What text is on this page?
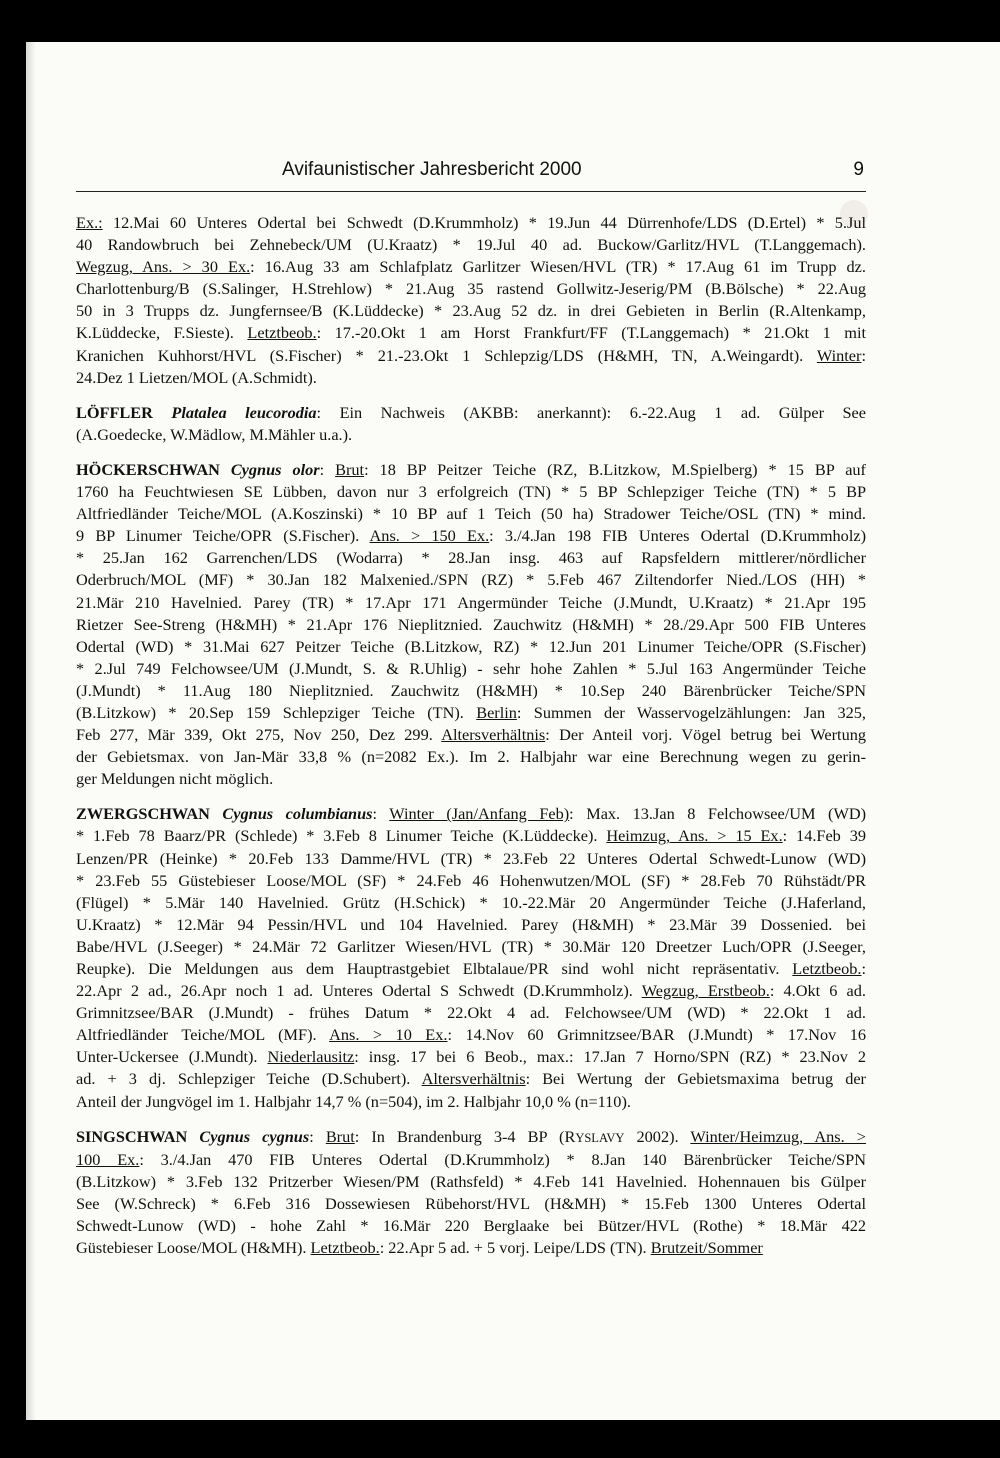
Avifaunistischer Jahresbericht 2000	9
Ex.: 12.Mai 60 Unteres Odertal bei Schwedt (D.Krummholz) * 19.Jun 44 Dürrenhofe/LDS (D.Ertel) * 5.Jul
40 Randowbruch bei Zehnebeck/UM (U.Kraatz) * 19.Jul 40 ad. Buckow/Garlitz/HVL (T.Langgemach).
Wegzug, Ans. > 30 Ex.: 16.Aug 33 am Schlafplatz Garlitzer Wiesen/HVL (TR) * 17.Aug 61 im Trupp dz.
Charlottenburg/B (S.Salinger, H.Strehlow) * 21.Aug 35 rastend Gollwitz-Jeserig/PM (B.Bölsche) * 22.Aug
50 in 3 Trupps dz. Jungfernsee/B (K.Lüddecke) * 23.Aug 52 dz. in drei Gebieten in Berlin (R.Altenkamp,
K.Lüddecke, F.Sieste). Letztbeob.: 17.-20.Okt 1 am Horst Frankfurt/FF (T.Langgemach) * 21.Okt 1 mit
Kranichen Kuhhorst/HVL (S.Fischer) * 21.-23.Okt 1 Schlepzig/LDS (H&MH, TN, A.Weingardt). Winter:
24.Dez 1 Lietzen/MOL (A.Schmidt).
LÖFFLER Platalea leucorodia: Ein Nachweis (AKBB: anerkannt): 6.-22.Aug 1 ad. Gülper See
(A.Goedecke, W.Mädlow, M.Mähler u.a.).
HÖCKERSCHWAN Cygnus olor: Brut: 18 BP Peitzer Teiche (RZ, B.Litzkow, M.Spielberg) * 15 BP auf
1760 ha Feuchtwiesen SE Lübben, davon nur 3 erfolgreich (TN) * 5 BP Schlepziger Teiche (TN) * 5 BP
Altfriedländer Teiche/MOL (A.Koszinski) * 10 BP auf 1 Teich (50 ha) Stradower Teiche/OSL (TN) * mind.
9 BP Linumer Teiche/OPR (S.Fischer). Ans. > 150 Ex.: 3./4.Jan 198 FIB Unteres Odertal (D.Krummholz)
* 25.Jan 162 Garrenchen/LDS (Wodarra) * 28.Jan insg. 463 auf Rapsfeldern mittlerer/nördlicher
Oderbruch/MOL (MF) * 30.Jan 182 Malxenied./SPN (RZ) * 5.Feb 467 Ziltendorfer Nied./LOS (HH) *
21.Mär 210 Havelnied. Parey (TR) * 17.Apr 171 Angermünder Teiche (J.Mundt, U.Kraatz) * 21.Apr 195
Rietzer See-Streng (H&MH) * 21.Apr 176 Nieplitznied. Zauchwitz (H&MH) * 28./29.Apr 500 FIB Unteres
Odertal (WD) * 31.Mai 627 Peitzer Teiche (B.Litzkow, RZ) * 12.Jun 201 Linumer Teiche/OPR (S.Fischer)
* 2.Jul 749 Felchowsee/UM (J.Mundt, S. & R.Uhlig) - sehr hohe Zahlen * 5.Jul 163 Angermünder Teiche
(J.Mundt) * 11.Aug 180 Nieplitznied. Zauchwitz (H&MH) * 10.Sep 240 Bärenbrücker Teiche/SPN
(B.Litzkow) * 20.Sep 159 Schlepziger Teiche (TN). Berlin: Summen der Wasservogelzählungen: Jan 325,
Feb 277, Mär 339, Okt 275, Nov 250, Dez 299. Altersverhältnis: Der Anteil vorj. Vögel betrug bei Wertung
der Gebietsmax. von Jan-Mär 33,8 % (n=2082 Ex.). Im 2. Halbjahr war eine Berechnung wegen zu gerin-
ger Meldungen nicht möglich.
ZWERGSCHWAN Cygnus columbianus: Winter (Jan/Anfang Feb): Max. 13.Jan 8 Felchowsee/UM (WD)
* 1.Feb 78 Baarz/PR (Schlede) * 3.Feb 8 Linumer Teiche (K.Lüddecke). Heimzug, Ans. > 15 Ex.: 14.Feb 39
Lenzen/PR (Heinke) * 20.Feb 133 Damme/HVL (TR) * 23.Feb 22 Unteres Odertal Schwedt-Lunow (WD)
* 23.Feb 55 Güstebieser Loose/MOL (SF) * 24.Feb 46 Hohenwutzen/MOL (SF) * 28.Feb 70 Rühstädt/PR
(Flügel) * 5.Mär 140 Havelnied. Grütz (H.Schick) * 10.-22.Mär 20 Angermünder Teiche (J.Haferland,
U.Kraatz) * 12.Mär 94 Pessin/HVL und 104 Havelnied. Parey (H&MH) * 23.Mär 39 Dossenied. bei
Babe/HVL (J.Seeger) * 24.Mär 72 Garlitzer Wiesen/HVL (TR) * 30.Mär 120 Dreetzer Luch/OPR (J.Seeger,
Reupke). Die Meldungen aus dem Hauptrastgebiet Elbtalaue/PR sind wohl nicht repräsentativ. Letztbeob.:
22.Apr 2 ad., 26.Apr noch 1 ad. Unteres Odertal S Schwedt (D.Krummholz). Wegzug, Erstbeob.: 4.Okt 6 ad.
Grimnitzsee/BAR (J.Mundt) - frühes Datum * 22.Okt 4 ad. Felchowsee/UM (WD) * 22.Okt 1 ad.
Altfriedländer Teiche/MOL (MF). Ans. > 10 Ex.: 14.Nov 60 Grimnitzsee/BAR (J.Mundt) * 17.Nov 16
Unter-Uckersee (J.Mundt). Niederlausitz: insg. 17 bei 6 Beob., max.: 17.Jan 7 Horno/SPN (RZ) * 23.Nov 2
ad. + 3 dj. Schlepziger Teiche (D.Schubert). Altersverhältnis: Bei Wertung der Gebietsmaxima betrug der
Anteil der Jungvögel im 1. Halbjahr 14,7 % (n=504), im 2. Halbjahr 10,0 % (n=110).
SINGSCHWAN Cygnus cygnus: Brut: In Brandenburg 3-4 BP (RYSLAVY 2002). Winter/Heimzug, Ans. >
100 Ex.: 3./4.Jan 470 FIB Unteres Odertal (D.Krummholz) * 8.Jan 140 Bärenbrücker Teiche/SPN
(B.Litzkow) * 3.Feb 132 Pritzerber Wiesen/PM (Rathsfeld) * 4.Feb 141 Havelnied. Hohennauen bis Gülper
See (W.Schreck) * 6.Feb 316 Dossewiesen Rübehorst/HVL (H&MH) * 15.Feb 1300 Unteres Odertal
Schwedt-Lunow (WD) - hohe Zahl * 16.Mär 220 Berglaake bei Bützer/HVL (Rothe) * 18.Mär 422
Güstebieser Loose/MOL (H&MH). Letztbeob.: 22.Apr 5 ad. + 5 vorj. Leipe/LDS (TN). Brutzeit/Sommer
